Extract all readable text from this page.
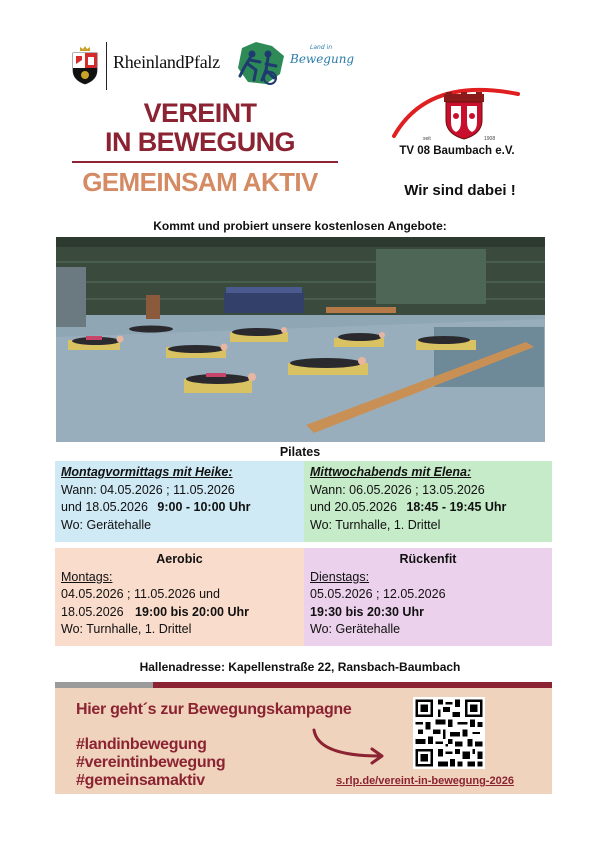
RheinlandPfalz
Land in
Bewegung
VEREINT
IN BEWEGUNG
GEMEINSAM AKTIV
seit	1908
TV 08 Baumbach e.V.
Wir sind dabei !
Kommt und probiert unsere kostenlosen Angebote:
Pilates
Montagvormittags mit Heike:
Wann: 04.05.2026 ; 11.05.2026
und 18.05.2026 9:00 - 10:00 Uhr
Wo: Gerätehalle
Mittwochabends mit Elena:
Wann: 06.05.2026 ; 13.05.2026
und 20.05.2026 18:45 - 19:45 Uhr
Wo: Turnhalle, 1. Drittel
Aerobic
Montags:
04.05.2026 ; 11.05.2026 und
18.05.2026 19:00 bis 20:00 Uhr
Wo: Turnhalle, 1. Drittel
Rückenfit
Dienstags:
05.05.2026 ; 12.05.2026
19:30 bis 20:30 Uhr
Wo: Gerätehalle
Hallenadresse: Kapellenstraße 22, Ransbach-Baumbach
Hier geht´s zur Bewegungskampagne
#landinbewegung
#vereintinbewegung
#gemeinsamaktiv	s.rlp.de/vereint-in-bewegung-2026
